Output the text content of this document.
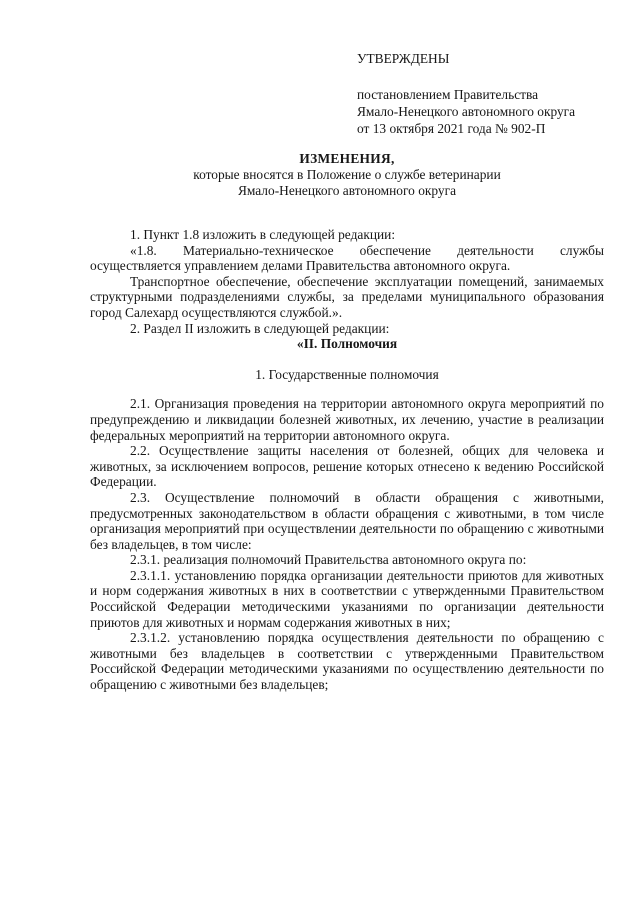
УТВЕРЖДЕНЫ
постановлением Правительства
Ямало-Ненецкого автономного округа
от 13 октября 2021 года № 902-П
ИЗМЕНЕНИЯ,
которые вносятся в Положение о службе ветеринарии
Ямало-Ненецкого автономного округа

1. Пункт 1.8 изложить в следующей редакции:

«1.8. Материально-техническое обеспечение деятельности службы осуществляется управлением делами Правительства автономного округа.

Транспортное обеспечение, обеспечение эксплуатации помещений, занимаемых структурными подразделениями службы, за пределами муниципального образования город Салехард осуществляются службой.».

2. Раздел II изложить в следующей редакции:

«II. Полномочия

1. Государственные полномочия

2.1. Организация проведения на территории автономного округа мероприятий по предупреждению и ликвидации болезней животных, их лечению, участие в реализации федеральных мероприятий на территории автономного округа.

2.2. Осуществление защиты населения от болезней, общих для человека и животных, за исключением вопросов, решение которых отнесено к ведению Российской Федерации.

2.3. Осуществление полномочий в области обращения с животными, предусмотренных законодательством в области обращения с животными, в том числе организация мероприятий при осуществлении деятельности по обращению с животными без владельцев, в том числе:

2.3.1. реализация полномочий Правительства автономного округа по:

2.3.1.1. установлению порядка организации деятельности приютов для животных и норм содержания животных в них в соответствии с утвержденными Правительством Российской Федерации методическими указаниями по организации деятельности приютов для животных и нормам содержания животных в них;

2.3.1.2. установлению порядка осуществления деятельности по обращению с животными без владельцев в соответствии с утвержденными Правительством Российской Федерации методическими указаниями по осуществлению деятельности по обращению с животными без владельцев;
